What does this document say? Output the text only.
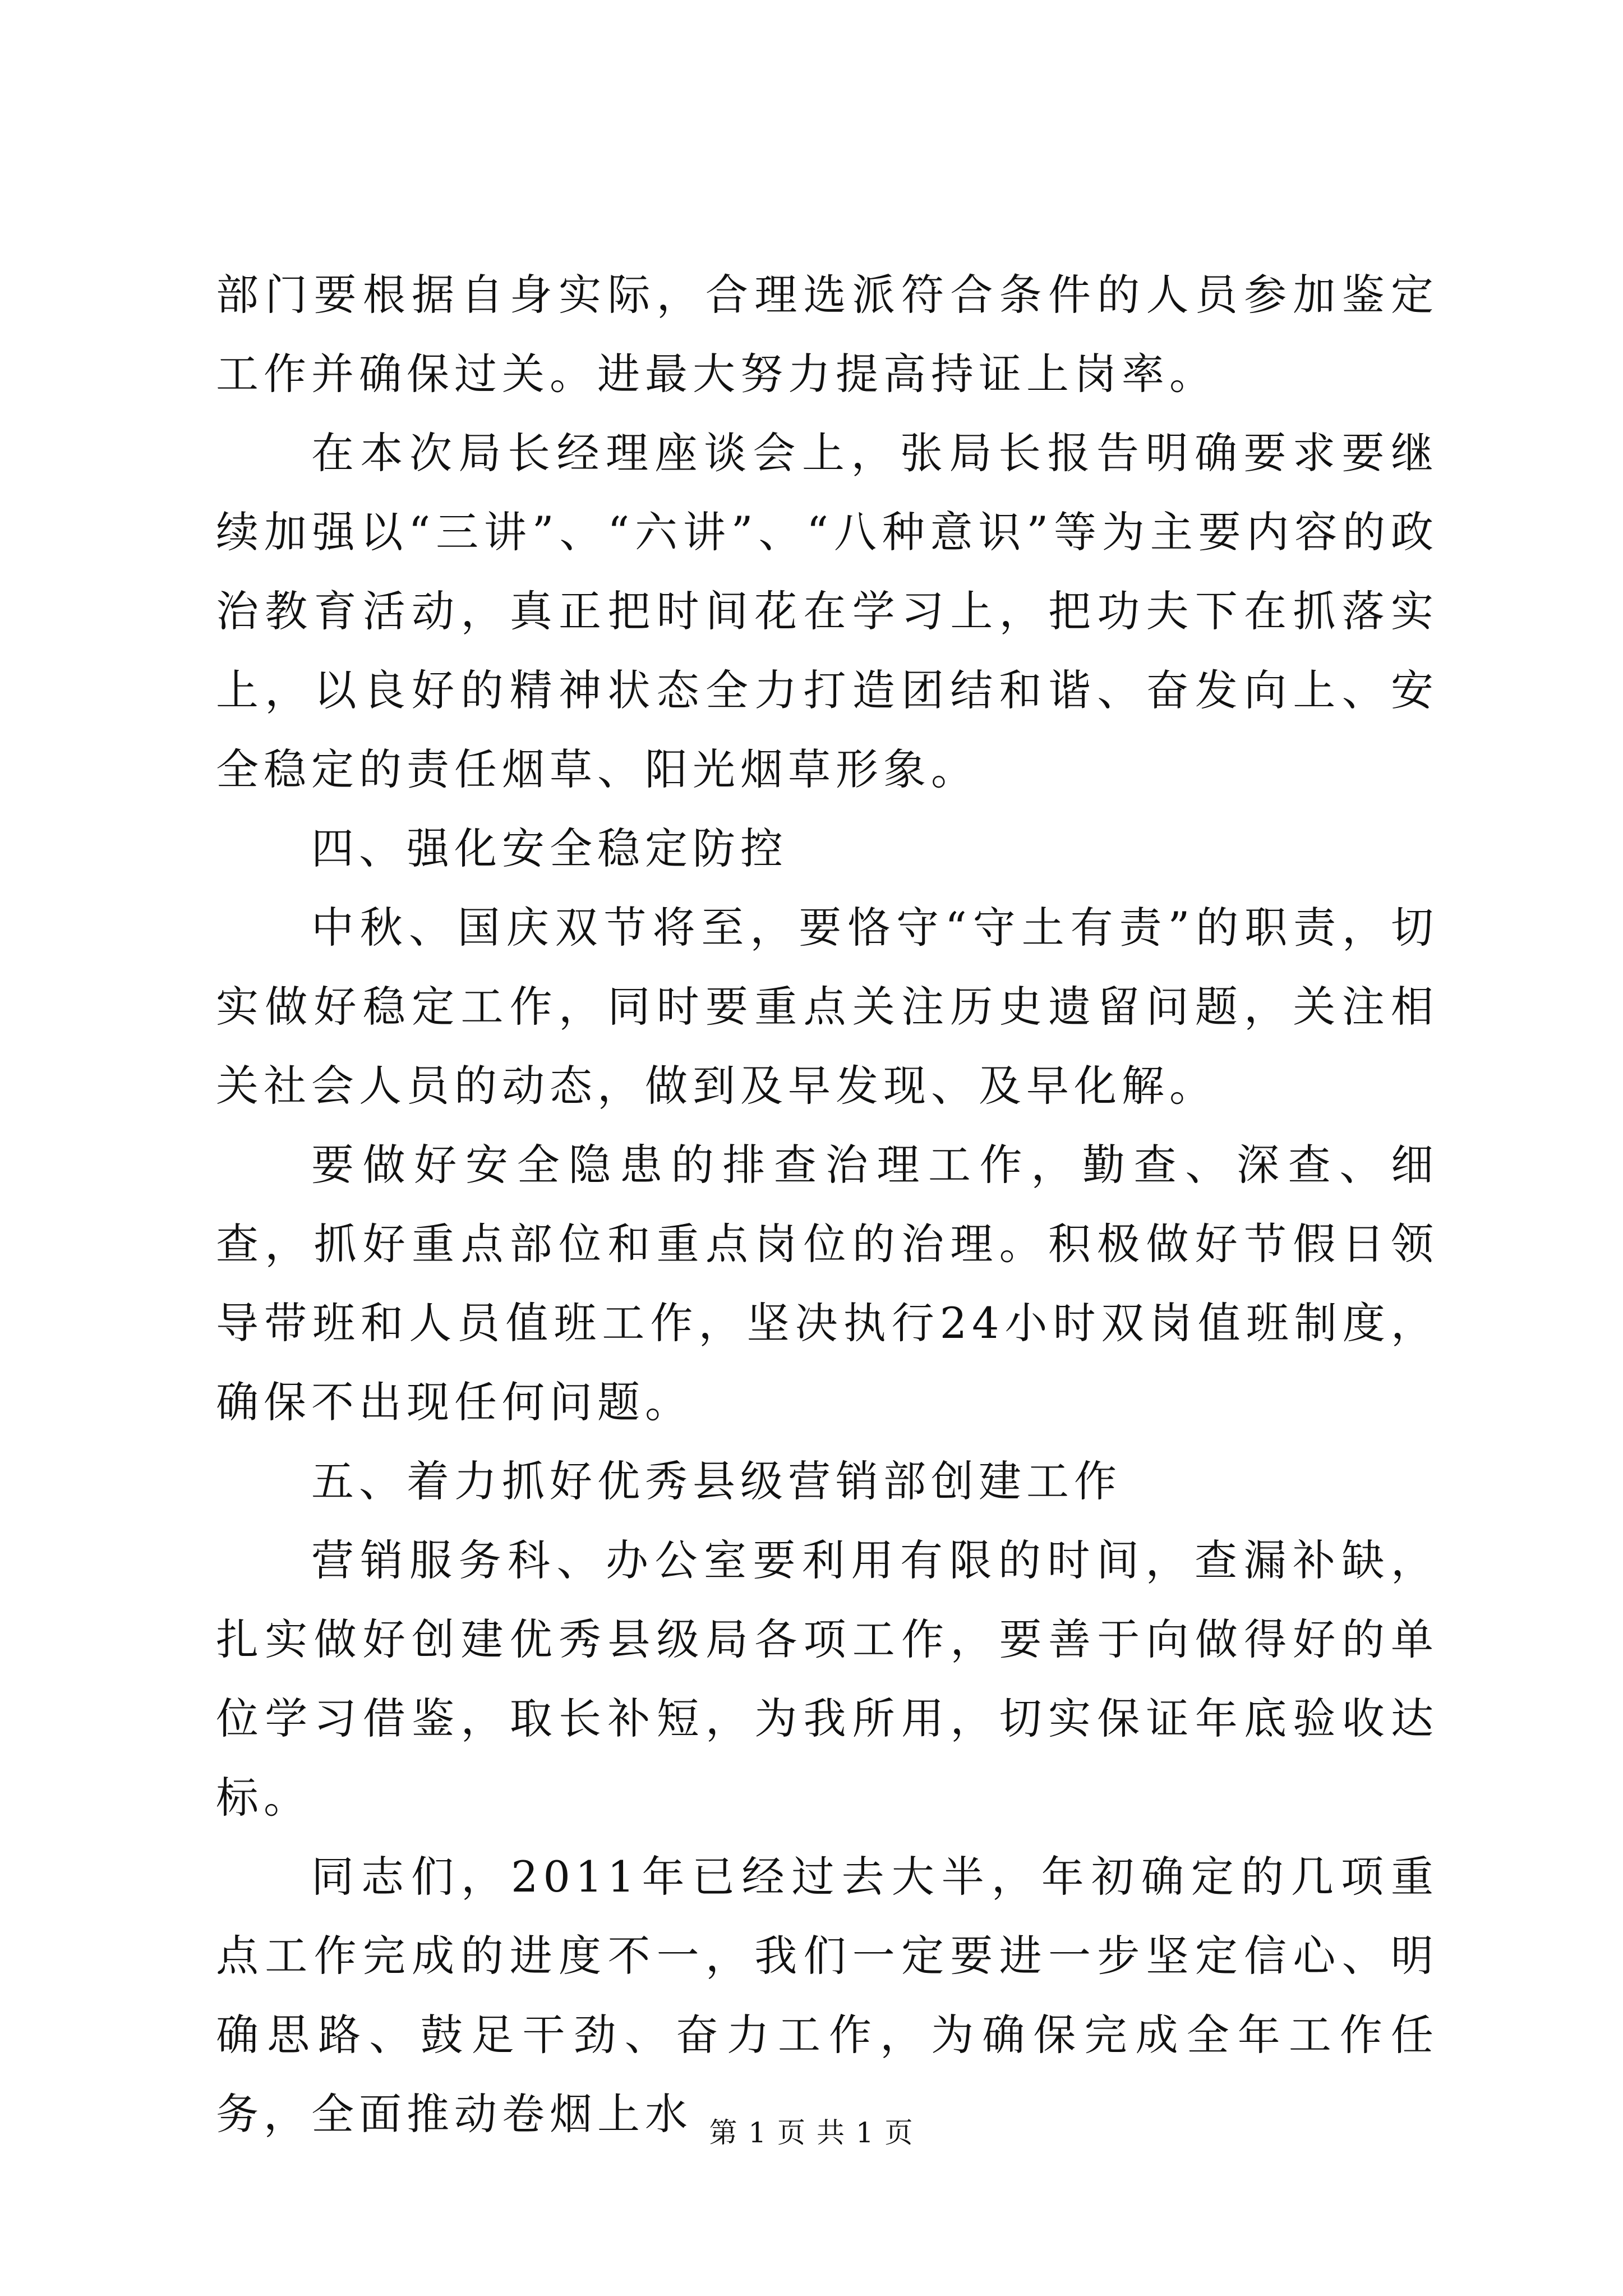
部门要根据自身实际，合理选派符合条件的人员参加鉴定工作并确保过关。进最大努力提高持证上岗率。

在本次局长经理座谈会上，张局长报告明确要求要继续加强以“三讲”、“六讲”、“八种意识”等为主要内容的政治教育活动，真正把时间花在学习上，把功夫下在抓落实上，以良好的精神状态全力打造团结和谐、奋发向上、安全稳定的责任烟草、阳光烟草形象。

四、强化安全稳定防控

中秋、国庆双节将至，要恪守“守土有责”的职责，切实做好稳定工作，同时要重点关注历史遗留问题，关注相关社会人员的动态，做到及早发现、及早化解。

要做好安全隐患的排查治理工作，勤查、深查、细查，抓好重点部位和重点岗位的治理。积极做好节假日领导带班和人员值班工作，坚决执行24小时双岗值班制度，确保不出现任何问题。

五、着力抓好优秀县级营销部创建工作

营销服务科、办公室要利用有限的时间，查漏补缺，扎实做好创建优秀县级局各项工作，要善于向做得好的单位学习借鉴，取长补短，为我所用，切实保证年底验收达标。

同志们，2011年已经过去大半，年初确定的几项重点工作完成的进度不一，我们一定要进一步坚定信心、明确思路、鼓足干劲、奋力工作，为确保完成全年工作任务，全面推动卷烟上水 第 1 页 共 1 页
